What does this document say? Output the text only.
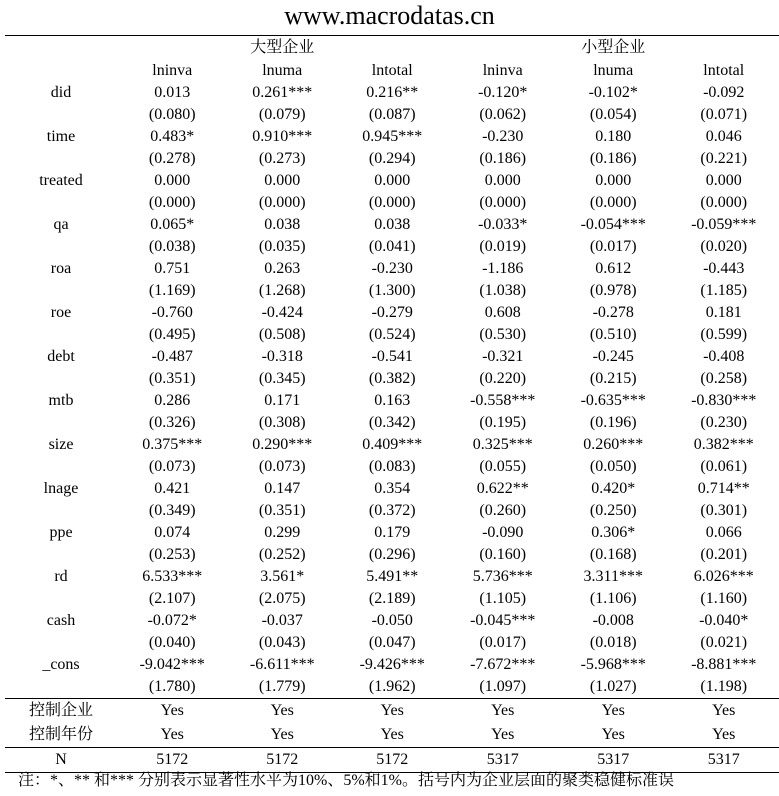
www.macrodatas.cn
	大型企业			小型企业		
	lninva	lnuma	lntotal	lninva	lnuma	lntotal
did	0.013	0.261***	0.216**	-0.120*	-0.102*	-0.092
	(0.080)	(0.079)	(0.087)	(0.062)	(0.054)	(0.071)
time	0.483*	0.910***	0.945***	-0.230	0.180	0.046
	(0.278)	(0.273)	(0.294)	(0.186)	(0.186)	(0.221)
treated	0.000	0.000	0.000	0.000	0.000	0.000
	(0.000)	(0.000)	(0.000)	(0.000)	(0.000)	(0.000)
qa	0.065*	0.038	0.038	-0.033*	-0.054***	-0.059***
	(0.038)	(0.035)	(0.041)	(0.019)	(0.017)	(0.020)
roa	0.751	0.263	-0.230	-1.186	0.612	-0.443
	(1.169)	(1.268)	(1.300)	(1.038)	(0.978)	(1.185)
roe	-0.760	-0.424	-0.279	0.608	-0.278	0.181
	(0.495)	(0.508)	(0.524)	(0.530)	(0.510)	(0.599)
debt	-0.487	-0.318	-0.541	-0.321	-0.245	-0.408
	(0.351)	(0.345)	(0.382)	(0.220)	(0.215)	(0.258)
mtb	0.286	0.171	0.163	-0.558***	-0.635***	-0.830***
	(0.326)	(0.308)	(0.342)	(0.195)	(0.196)	(0.230)
size	0.375***	0.290***	0.409***	0.325***	0.260***	0.382***
	(0.073)	(0.073)	(0.083)	(0.055)	(0.050)	(0.061)
lnage	0.421	0.147	0.354	0.622**	0.420*	0.714**
	(0.349)	(0.351)	(0.372)	(0.260)	(0.250)	(0.301)
ppe	0.074	0.299	0.179	-0.090	0.306*	0.066
	(0.253)	(0.252)	(0.296)	(0.160)	(0.168)	(0.201)
rd	6.533***	3.561*	5.491**	5.736***	3.311***	6.026***
	(2.107)	(2.075)	(2.189)	(1.105)	(1.106)	(1.160)
cash	-0.072*	-0.037	-0.050	-0.045***	-0.008	-0.040*
	(0.040)	(0.043)	(0.047)	(0.017)	(0.018)	(0.021)
_cons	-9.042***	-6.611***	-9.426***	-7.672***	-5.968***	-8.881***
	(1.780)	(1.779)	(1.962)	(1.097)	(1.027)	(1.198)
控制企业	Yes	Yes	Yes	Yes	Yes	Yes
控制年份	Yes	Yes	Yes	Yes	Yes	Yes
N	5172	5172	5172	5317	5317	5317
注：*、** 和*** 分别表示显著性水平为10%、5%和1%。括号内为企业层面的聚类稳健标准误
